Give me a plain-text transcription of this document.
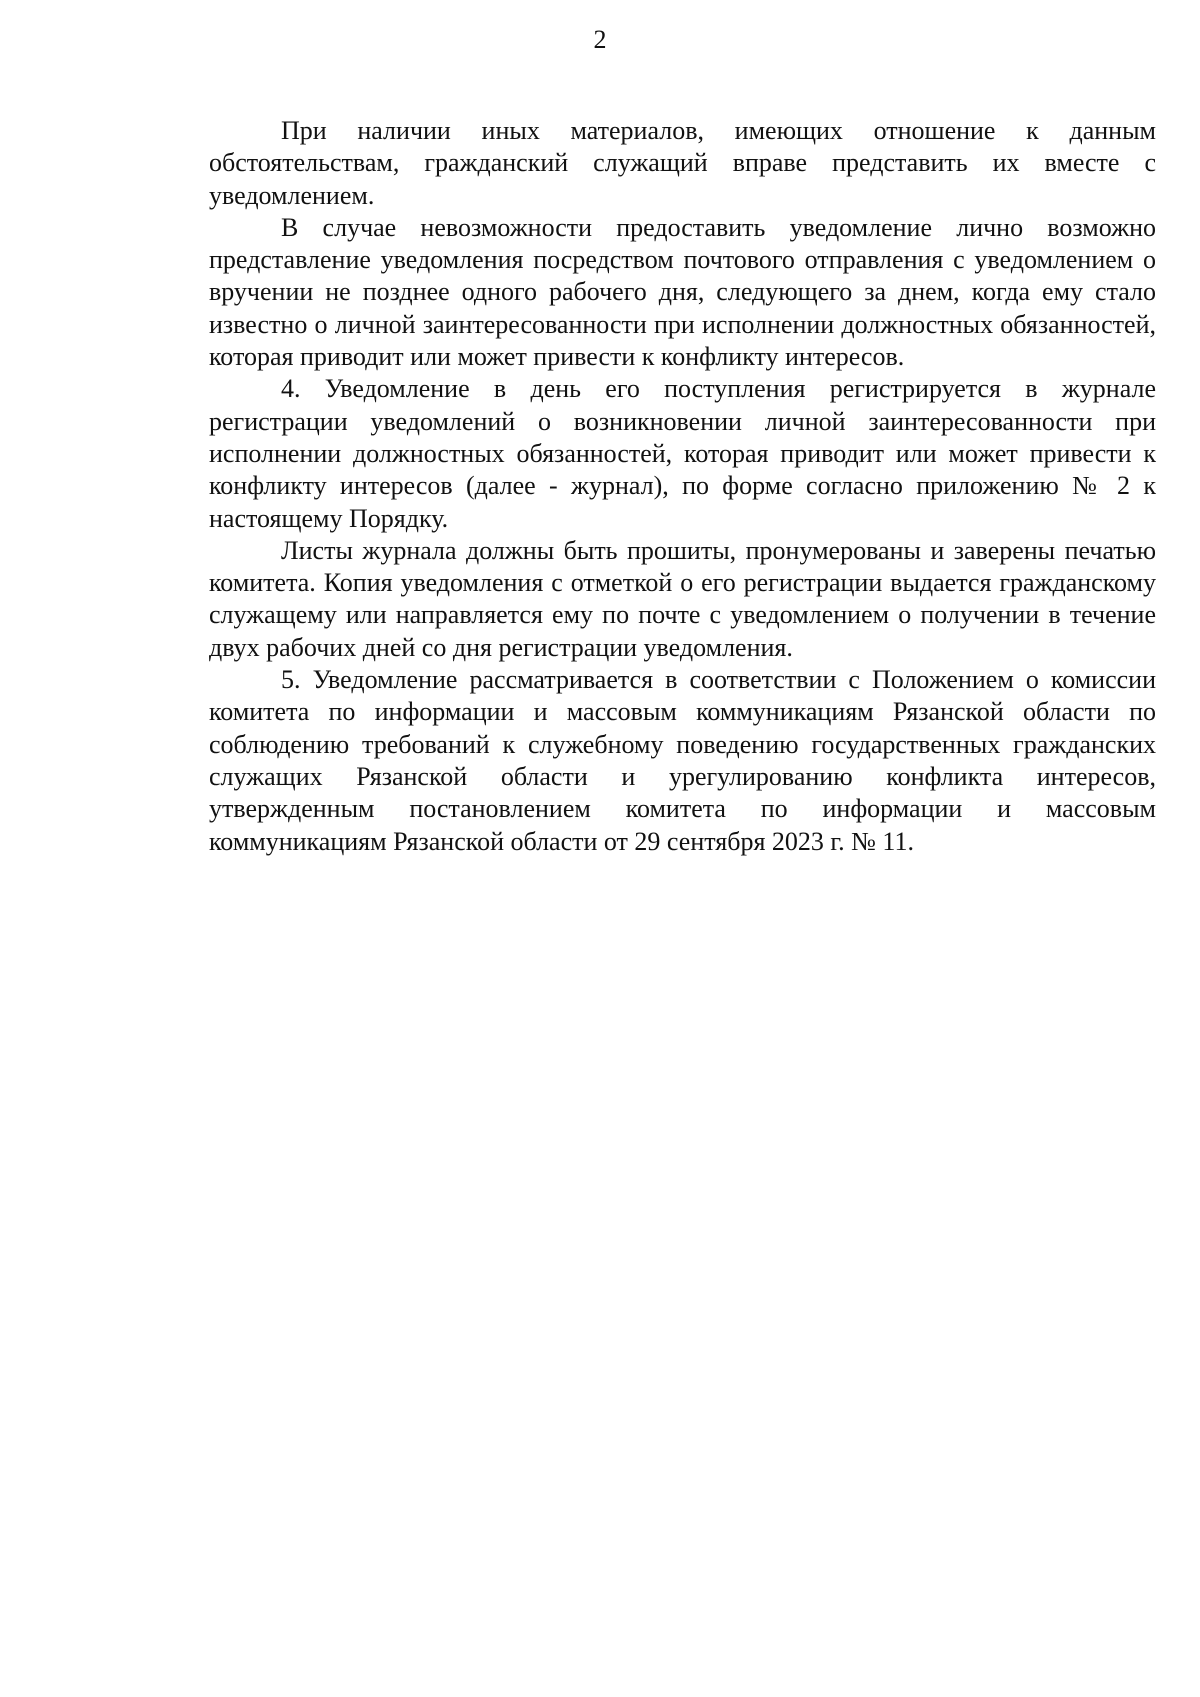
2

При наличии иных материалов, имеющих отношение к данным обстоятельствам, гражданский служащий вправе представить их вместе с уведомлением.

В случае невозможности предоставить уведомление лично возможно представление уведомления посредством почтового отправления с уведомлением о вручении не позднее одного рабочего дня, следующего за днем, когда ему стало известно о личной заинтересованности при исполнении должностных обязанностей, которая приводит или может привести к конфликту интересов.

4. Уведомление в день его поступления регистрируется в журнале регистрации уведомлений о возникновении личной заинтересованности при исполнении должностных обязанностей, которая приводит или может привести к конфликту интересов (далее - журнал), по форме согласно приложению № 2 к настоящему Порядку.

Листы журнала должны быть прошиты, пронумерованы и заверены печатью комитета. Копия уведомления с отметкой о его регистрации выдается гражданскому служащему или направляется ему по почте с уведомлением о получении в течение двух рабочих дней со дня регистрации уведомления.

5. Уведомление рассматривается в соответствии с Положением о комиссии комитета по информации и массовым коммуникациям Рязанской области по соблюдению требований к служебному поведению государственных гражданских служащих Рязанской области и урегулированию конфликта интересов, утвержденным постановлением комитета по информации и массовым коммуникациям Рязанской области от 29 сентября 2023 г. № 11.
